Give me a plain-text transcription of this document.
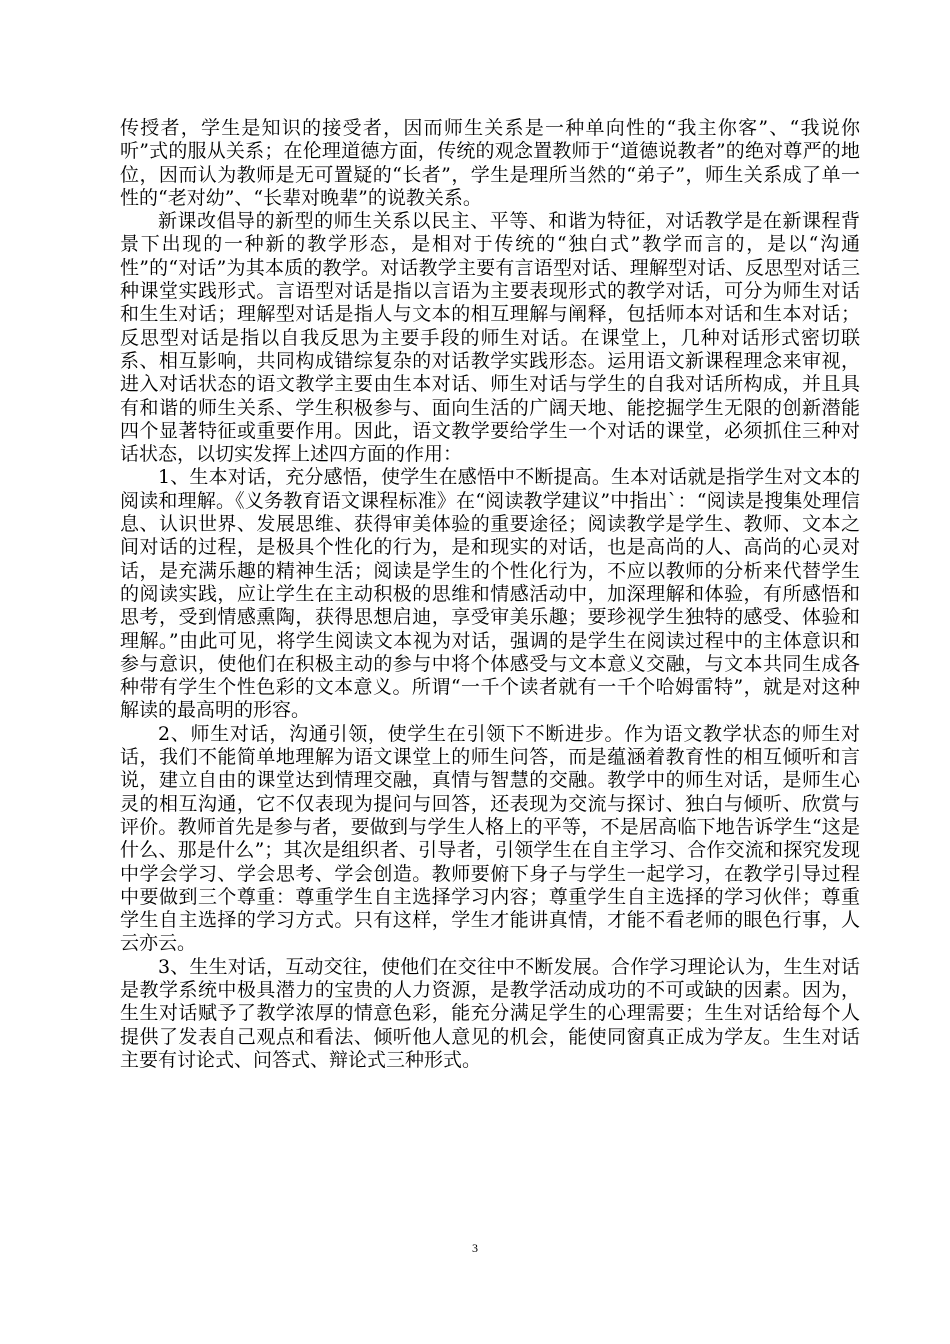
传授者，学生是知识的接受者，因而师生关系是一种单向性的“我主你客”、“我说你听”式的服从关系；在伦理道德方面，传统的观念置教师于“道德说教者”的绝对尊严的地位，因而认为教师是无可置疑的“长者”，学生是理所当然的“弟子”，师生关系成了单一性的“老对幼”、“长辈对晚辈”的说教关系。

新课改倡导的新型的师生关系以民主、平等、和谐为特征，对话教学是在新课程背景下出现的一种新的教学形态，是相对于传统的“独白式”教学而言的，是以“沟通性”的“对话”为其本质的教学。对话教学主要有言语型对话、理解型对话、反思型对话三种课堂实践形式。言语型对话是指以言语为主要表现形式的教学对话，可分为师生对话和生生对话；理解型对话是指人与文本的相互理解与阐释，包括师本对话和生本对话；反思型对话是指以自我反思为主要手段的师生对话。在课堂上，几种对话形式密切联系、相互影响，共同构成错综复杂的对话教学实践形态。运用语文新课程理念来审视，进入对话状态的语文教学主要由生本对话、师生对话与学生的自我对话所构成，并且具有和谐的师生关系、学生积极参与、面向生活的广阔天地、能挖掘学生无限的创新潜能四个显著特征或重要作用。因此，语文教学要给学生一个对话的课堂，必须抓住三种对话状态，以切实发挥上述四方面的作用：

1、生本对话，充分感悟，使学生在感悟中不断提高。生本对话就是指学生对文本的阅读和理解。《义务教育语文课程标准》在“阅读教学建议”中指出`：“阅读是搜集处理信息、认识世界、发展思维、获得审美体验的重要途径；阅读教学是学生、教师、文本之间对话的过程，是极具个性化的行为，是和现实的对话，也是高尚的人、高尚的心灵对话，是充满乐趣的精神生活；阅读是学生的个性化行为，不应以教师的分析来代替学生的阅读实践，应让学生在主动积极的思维和情感活动中，加深理解和体验，有所感悟和思考，受到情感熏陶，获得思想启迪，享受审美乐趣；要珍视学生独特的感受、体验和理解。”由此可见，将学生阅读文本视为对话，强调的是学生在阅读过程中的主体意识和参与意识，使他们在积极主动的参与中将个体感受与文本意义交融，与文本共同生成各种带有学生个性色彩的文本意义。所谓“一千个读者就有一千个哈姆雷特”，就是对这种解读的最高明的形容。

2、师生对话，沟通引领，使学生在引领下不断进步。作为语文教学状态的师生对话，我们不能简单地理解为语文课堂上的师生问答，而是蕴涵着教育性的相互倾听和言说，建立自由的课堂达到情理交融，真情与智慧的交融。教学中的师生对话，是师生心灵的相互沟通，它不仅表现为提问与回答，还表现为交流与探讨、独白与倾听、欣赏与评价。教师首先是参与者，要做到与学生人格上的平等，不是居高临下地告诉学生“这是什么、那是什么”；其次是组织者、引导者，引领学生在自主学习、合作交流和探究发现中学会学习、学会思考、学会创造。教师要俯下身子与学生一起学习，在教学引导过程中要做到三个尊重：尊重学生自主选择学习内容；尊重学生自主选择的学习伙伴；尊重学生自主选择的学习方式。只有这样，学生才能讲真情，才能不看老师的眼色行事，人云亦云。

3、生生对话，互动交往，使他们在交往中不断发展。合作学习理论认为，生生对话是教学系统中极具潜力的宝贵的人力资源，是教学活动成功的不可或缺的因素。因为，生生对话赋予了教学浓厚的情意色彩，能充分满足学生的心理需要；生生对话给每个人提供了发表自己观点和看法、倾听他人意见的机会，能使同窗真正成为学友。生生对话主要有讨论式、问答式、辩论式三种形式。

3
